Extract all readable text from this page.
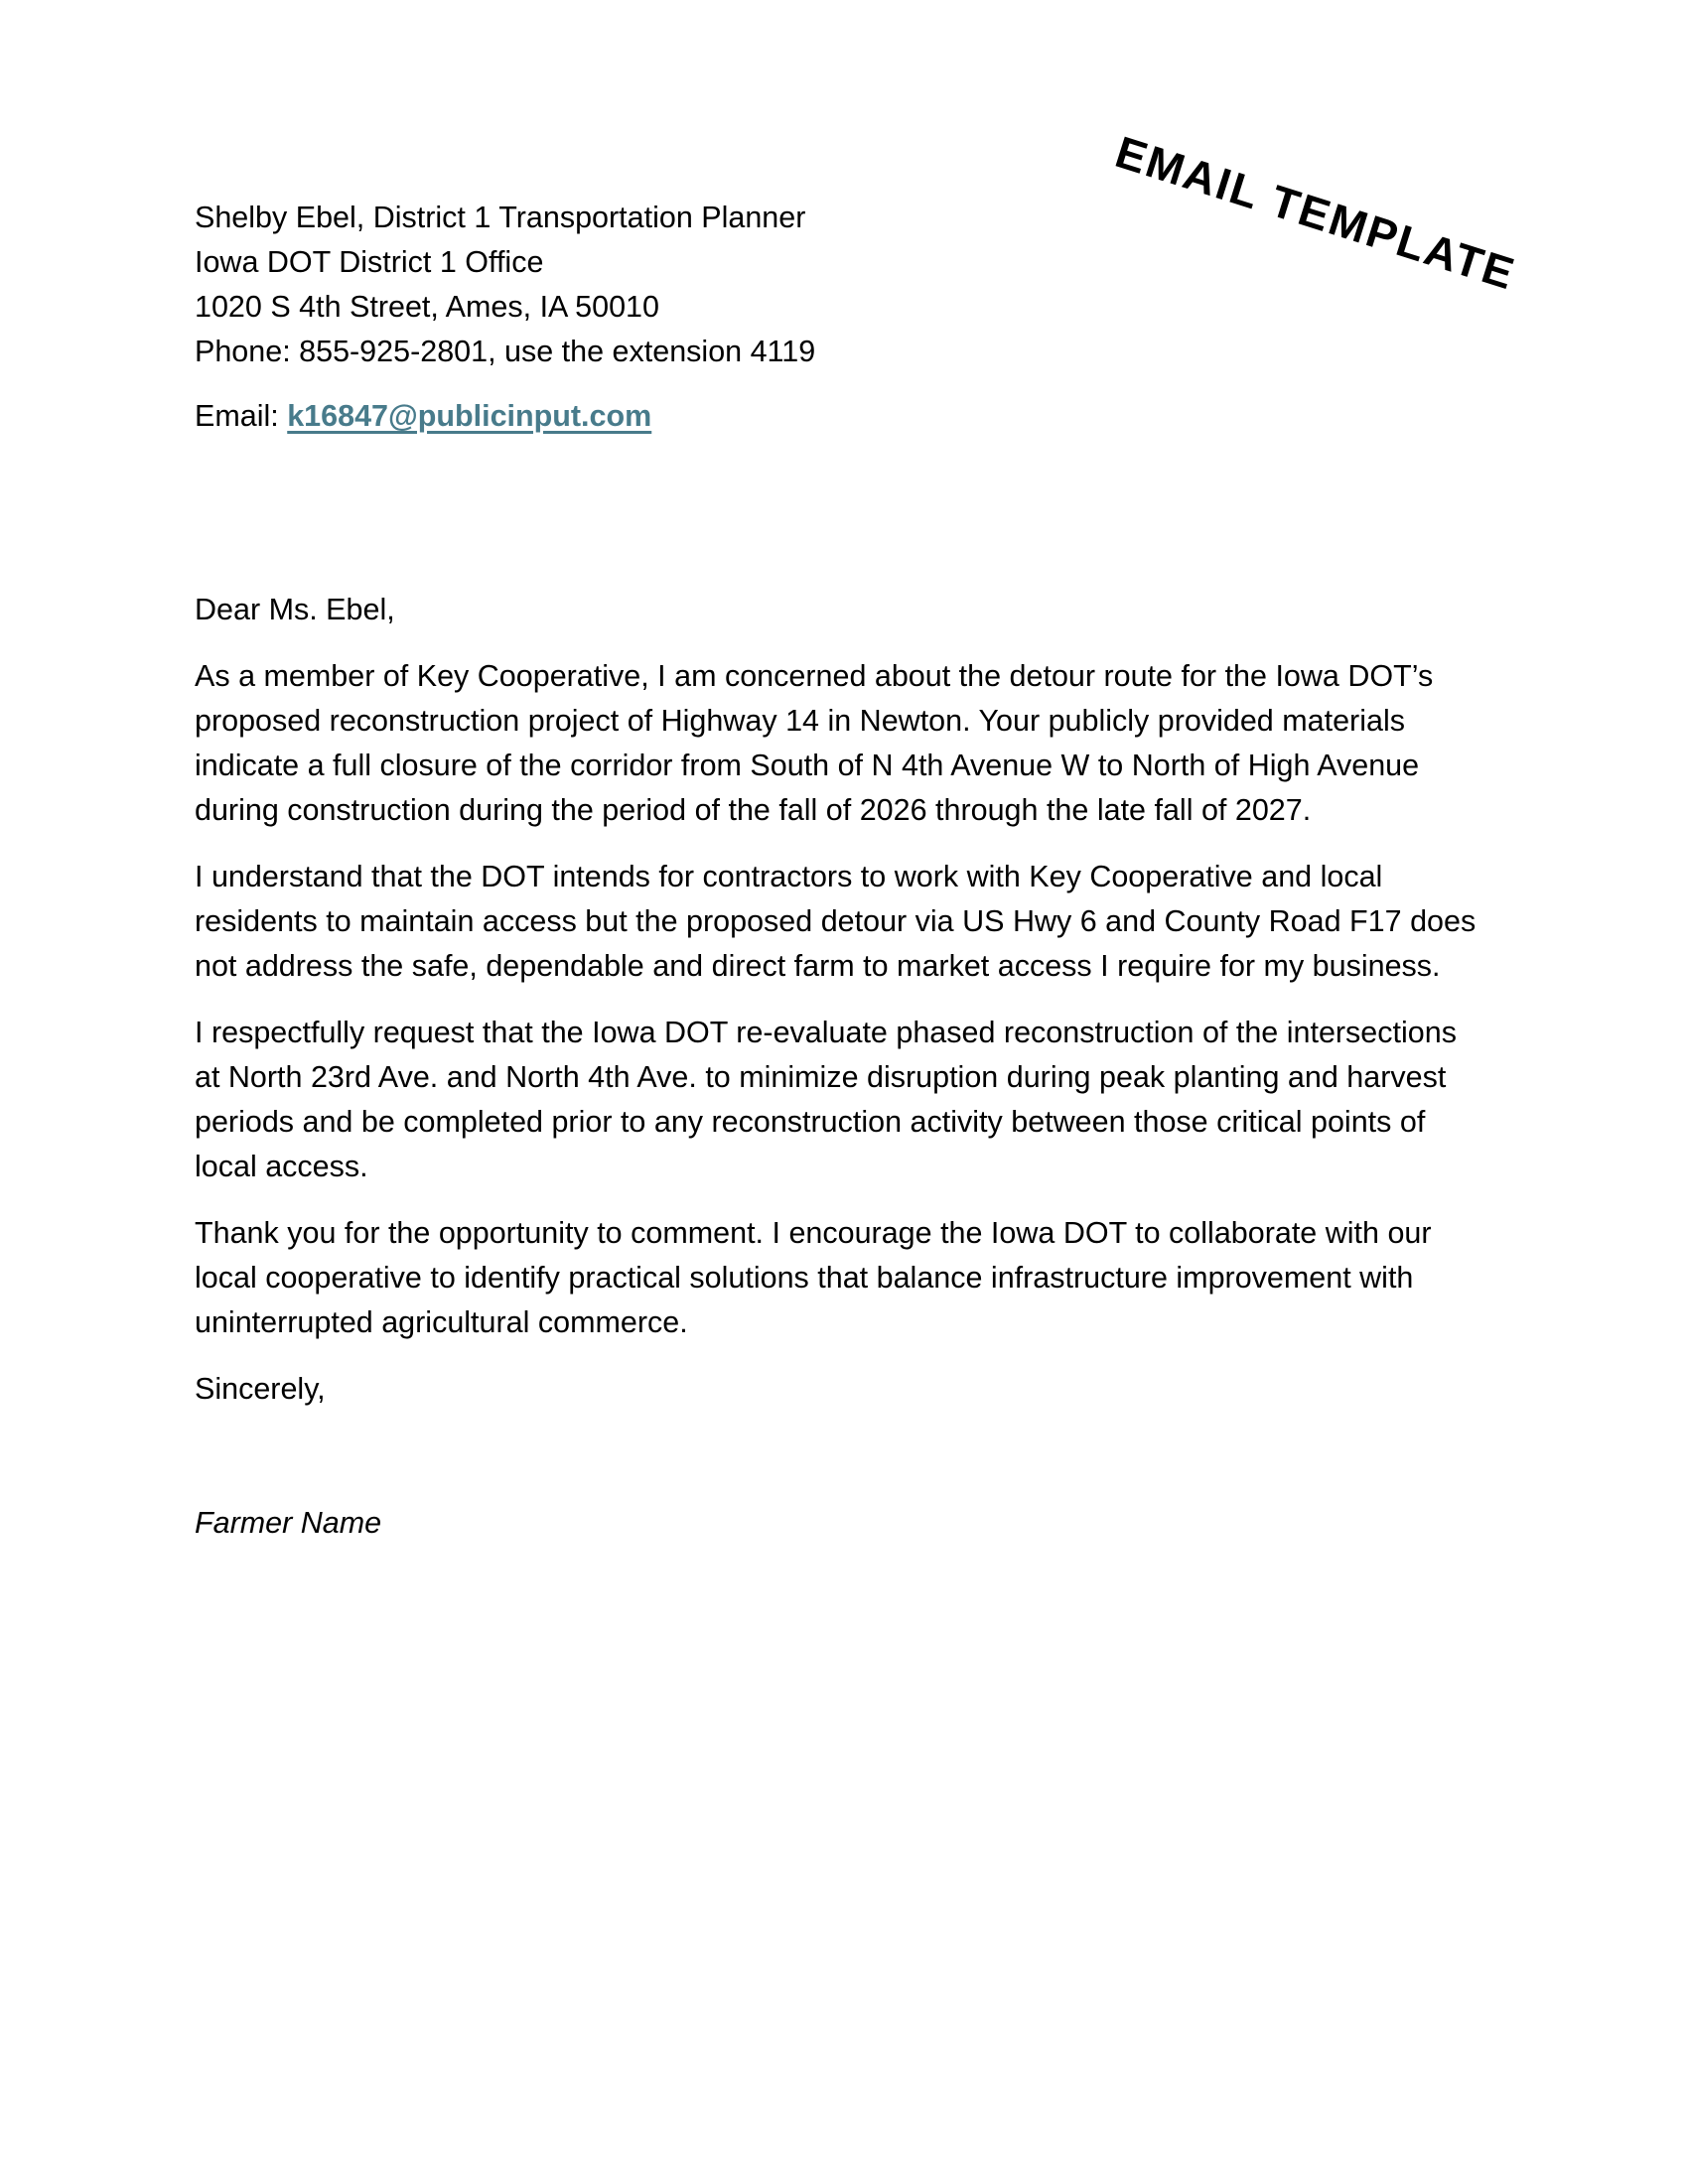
EMAIL TEMPLATE

Shelby Ebel, District 1 Transportation Planner

Iowa DOT District 1 Office

1020 S 4th Street, Ames, IA 50010

Phone: 855-925-2801, use the extension 4119

Email: k16847@publicinput.com

Dear Ms. Ebel,

As a member of Key Cooperative, I am concerned about the detour route for the Iowa DOT’s proposed reconstruction project of Highway 14 in Newton. Your publicly provided materials indicate a full closure of the corridor from South of N 4th Avenue W to North of High Avenue during construction during the period of the fall of 2026 through the late fall of 2027.

I understand that the DOT intends for contractors to work with Key Cooperative and local residents to maintain access but the proposed detour via US Hwy 6 and County Road F17 does not address the safe, dependable and direct farm to market access I require for my business.

I respectfully request that the Iowa DOT re-evaluate phased reconstruction of the intersections at North 23rd Ave. and North 4th Ave. to minimize disruption during peak planting and harvest periods and be completed prior to any reconstruction activity between those critical points of local access.

Thank you for the opportunity to comment. I encourage the Iowa DOT to collaborate with our local cooperative to identify practical solutions that balance infrastructure improvement with uninterrupted agricultural commerce.

Sincerely,

Farmer Name
